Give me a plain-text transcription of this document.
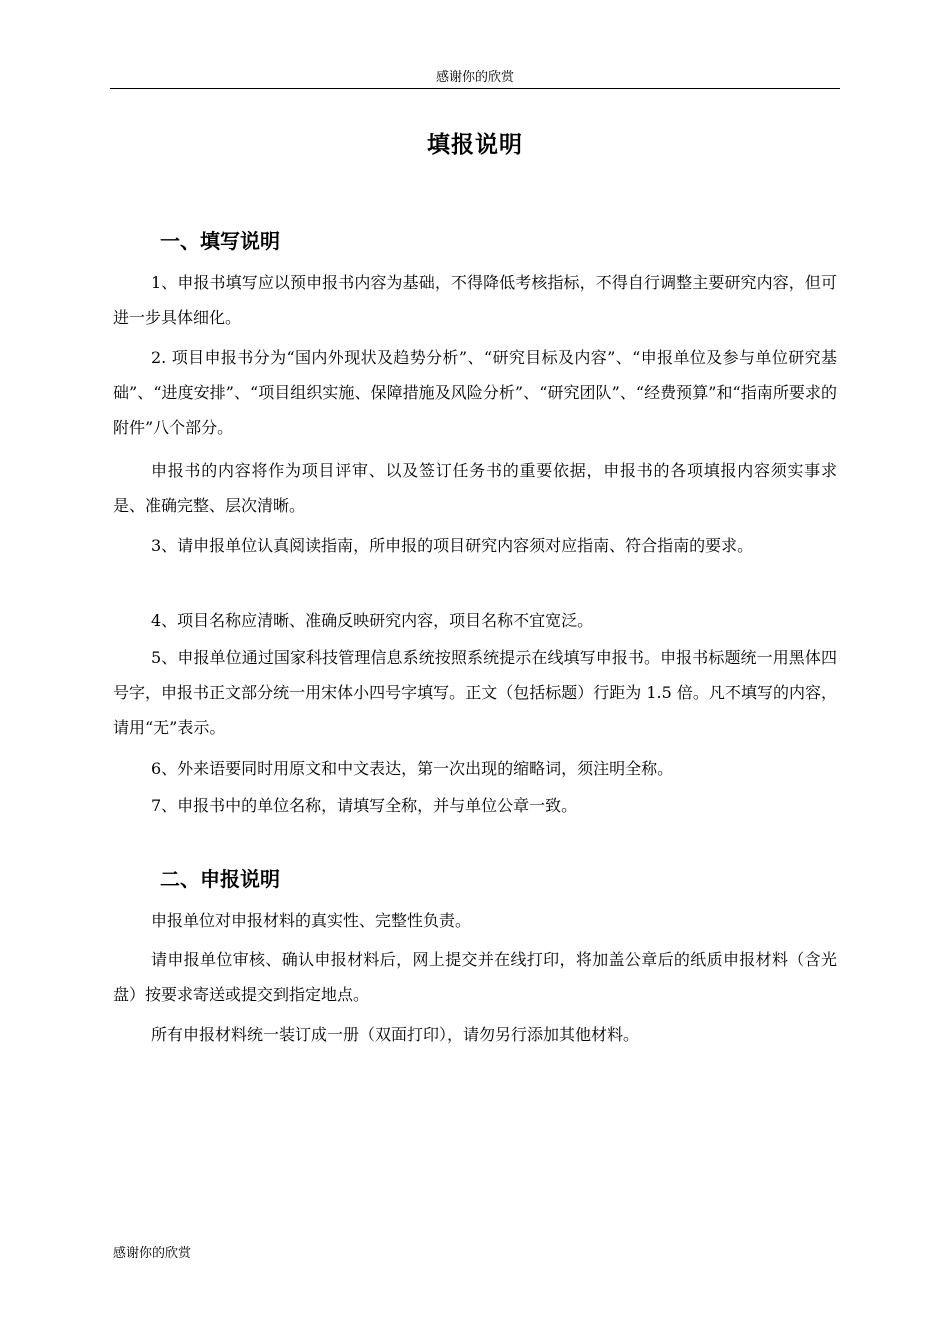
感谢你的欣赏
填报说明
一、填写说明
1、申报书填写应以预申报书内容为基础，不得降低考核指标，不得自行调整主要研究内容，但可进一步具体细化。
2. 项目申报书分为“国内外现状及趋势分析”、“研究目标及内容”、“申报单位及参与单位研究基础”、“进度安排”、“项目组织实施、保障措施及风险分析”、“研究团队”、“经费预算”和“指南所要求的附件”八个部分。
申报书的内容将作为项目评审、以及签订任务书的重要依据，申报书的各项填报内容须实事求是、准确完整、层次清晰。
3、请申报单位认真阅读指南，所申报的项目研究内容须对应指南、符合指南的要求。
4、项目名称应清晰、准确反映研究内容，项目名称不宜宽泛。
5、申报单位通过国家科技管理信息系统按照系统提示在线填写申报书。申报书标题统一用黑体四号字，申报书正文部分统一用宋体小四号字填写。正文（包括标题）行距为 1.5 倍。凡不填写的内容，请用“无”表示。
6、外来语要同时用原文和中文表达，第一次出现的缩略词，须注明全称。
7、申报书中的单位名称，请填写全称，并与单位公章一致。
二、申报说明
申报单位对申报材料的真实性、完整性负责。
请申报单位审核、确认申报材料后，网上提交并在线打印，将加盖公章后的纸质申报材料（含光盘）按要求寄送或提交到指定地点。
所有申报材料统一装订成一册（双面打印），请勿另行添加其他材料。
感谢你的欣赏
